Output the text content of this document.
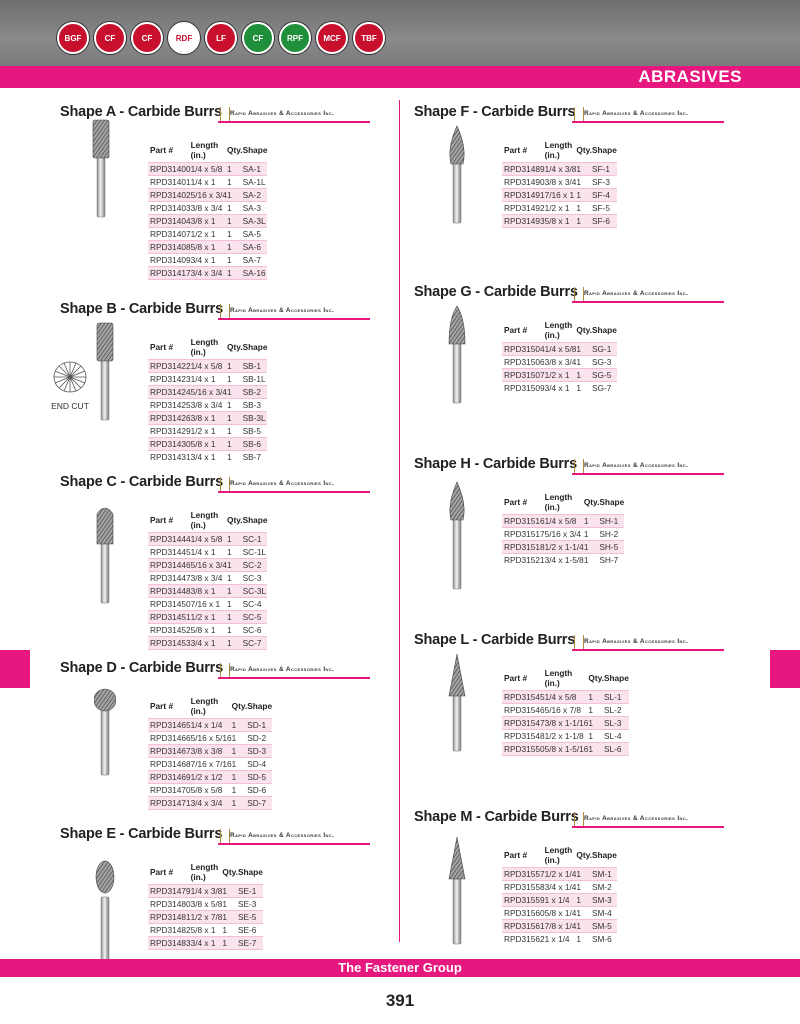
BGF	CF	CF	RDF	LF	CF	RPF	MCF	TBF
ABRASIVES
Shape A - Carbide Burrs	Rapid Abrasives & Accessories Inc.
Part #	Length (in.)	Qty.	Shape
RPD31400	1/4 x 5/8	1	SA-1
RPD31401	1/4 x 1	1	SA-1L
RPD31402	5/16 x 3/4	1	SA-2
RPD31403	3/8 x 3/4	1	SA-3
RPD31404	3/8 x 1	1	SA-3L
RPD31407	1/2 x 1	1	SA-5
RPD31408	5/8 x 1	1	SA-6
RPD31409	3/4 x 1	1	SA-7
RPD31417	3/4 x 3/4	1	SA-16
Shape B - Carbide Burrs	Rapid Abrasives & Accessories Inc.
Part #	Length (in.)	Qty.	Shape
RPD31422	1/4 x 5/8	1	SB-1
RPD31423	1/4 x 1	1	SB-1L
RPD31424	5/16 x 3/4	1	SB-2
RPD31425	3/8 x 3/4	1	SB-3
RPD31426	3/8 x 1	1	SB-3L
RPD31429	1/2 x 1	1	SB-5
RPD31430	5/8 x 1	1	SB-6
RPD31431	3/4 x 1	1	SB-7
Shape C - Carbide Burrs	Rapid Abrasives & Accessories Inc.
Part #	Length (in.)	Qty.	Shape
RPD31444	1/4 x 5/8	1	SC-1
RPD31445	1/4 x 1	1	SC-1L
RPD31446	5/16 x 3/4	1	SC-2
RPD31447	3/8 x 3/4	1	SC-3
RPD31448	3/8 x 1	1	SC-3L
RPD31450	7/16 x 1	1	SC-4
RPD31451	1/2 x 1	1	SC-5
RPD31452	5/8 x 1	1	SC-6
RPD31453	3/4 x 1	1	SC-7
Shape D - Carbide Burrs	Rapid Abrasives & Accessories Inc.
Part #	Length (in.)	Qty.	Shape
RPD31465	1/4 x 1/4	1	SD-1
RPD31466	5/16 x 5/16	1	SD-2
RPD31467	3/8 x 3/8	1	SD-3
RPD31468	7/16 x 7/16	1	SD-4
RPD31469	1/2 x 1/2	1	SD-5
RPD31470	5/8 x 5/8	1	SD-6
RPD31471	3/4 x 3/4	1	SD-7
Shape E - Carbide Burrs	Rapid Abrasives & Accessories Inc.
Part #	Length (in.)	Qty.	Shape
RPD31479	1/4 x 3/8	1	SE-1
RPD31480	3/8 x 5/8	1	SE-3
RPD31481	1/2 x 7/8	1	SE-5
RPD31482	5/8 x 1	1	SE-6
RPD31483	3/4 x 1	1	SE-7
Shape F - Carbide Burrs	Rapid Abrasives & Accessories Inc.
Part #	Length (in.)	Qty.	Shape
RPD31489	1/4 x 3/8	1	SF-1
RPD31490	3/8 x 3/4	1	SF-3
RPD31491	7/16 x 1	1	SF-4
RPD31492	1/2 x 1	1	SF-5
RPD31493	5/8 x 1	1	SF-6
Shape G - Carbide Burrs Rapid Abrasives & Accessories Inc.
Part #	Length (in.)	Qty.	Shape
RPD31504	1/4 x 5/8	1	SG-1
RPD31506	3/8 x 3/4	1	SG-3
RPD31507	1/2 x 1	1	SG-5
RPD31509	3/4 x 1	1	SG-7
Shape H - Carbide Burrs	Rapid Abrasives & Accessories Inc.
Part #	Length (in.)	Qty.	Shape
RPD31516	1/4 x 5/8	1	SH-1
RPD31517	5/16 x 3/4	1	SH-2
RPD31518	1/2 x 1-1/4	1	SH-5
RPD31521	3/4 x 1-5/8	1	SH-7
Shape L - Carbide Burrs	Rapid Abrasives & Accessories Inc.
Part #	Length (in.)	Qty.	Shape
RPD31545	1/4 x 5/8	1	SL-1
RPD31546	5/16 x 7/8	1	SL-2
RPD31547	3/8 x 1-1/16	1	SL-3
RPD31548	1/2 x 1-1/8	1	SL-4
RPD31550	5/8 x 1-5/16	1	SL-6
Shape M - Carbide Burrs Rapid Abrasives & Accessories Inc.
Part #	Length (in.)	Qty.	Shape
RPD31557	1/2 x 1/4	1	SM-1
RPD31558	3/4 x 1/4	1	SM-2
RPD31559	1 x 1/4	1	SM-3
RPD31560	5/8 x 1/4	1	SM-4
RPD31561	7/8 x 1/4	1	SM-5
RPD31562	1 x 1/4	1	SM-6
END CUT
The Fastener Group
391
